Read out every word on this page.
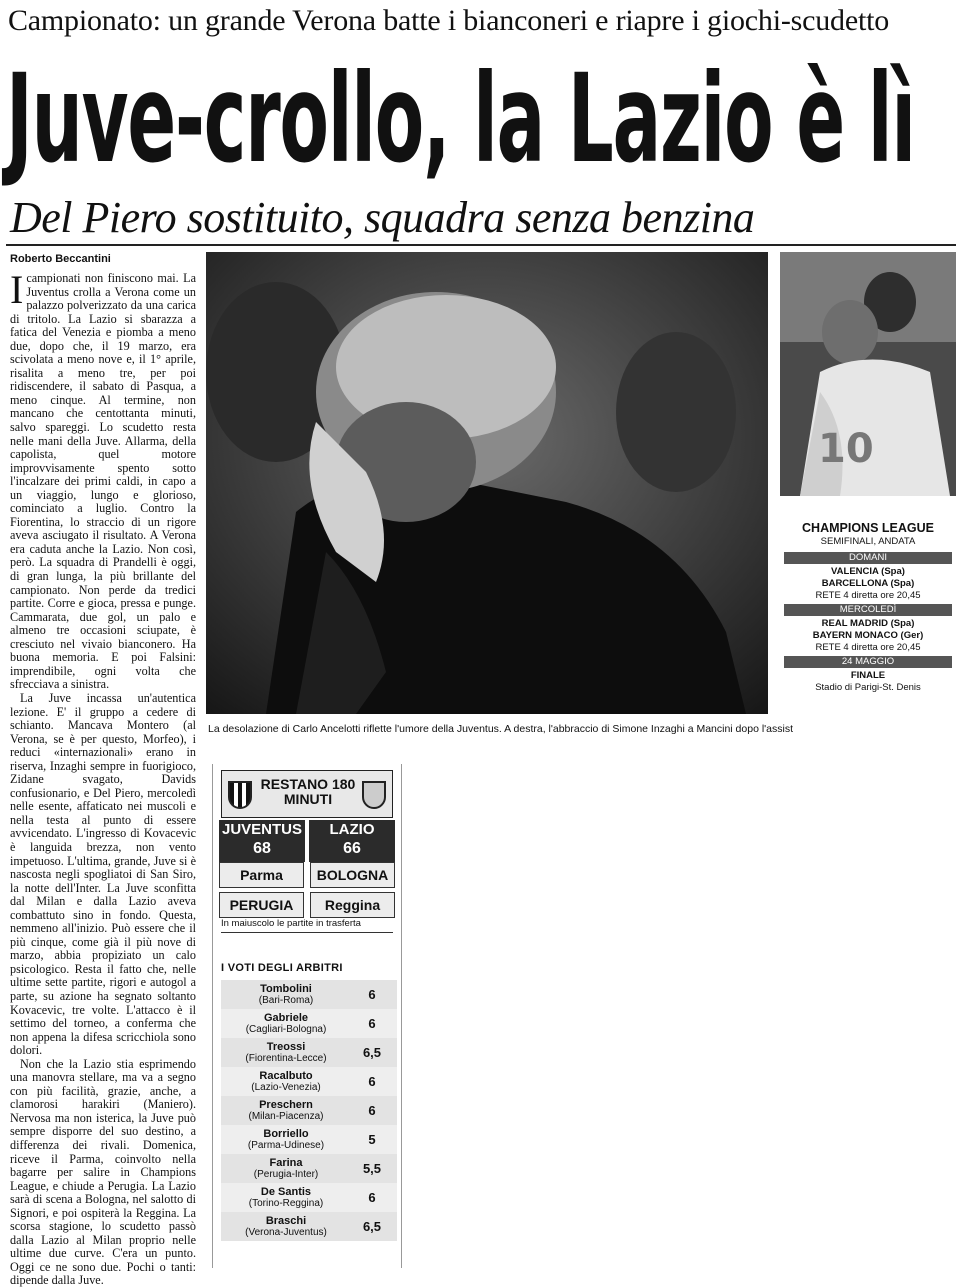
Campionato: un grande Verona batte i bianconeri e riapre i giochi-scudetto
Juve-crollo, la Lazio è lì
Del Piero sostituito, squadra senza benzina
Roberto Beccantini

Icampionati non finiscono mai. La Juventus crolla a Verona come un palazzo polverizzato da una carica di tritolo. La Lazio si sbarazza a fatica del Venezia e piomba a meno due, dopo che, il 19 marzo, era scivolata a meno nove e, il 1° aprile, risalita a meno tre, per poi ridiscendere, il sabato di Pasqua, a meno cinque. Al termine, non mancano che centottanta minuti, salvo spareggi. Lo scudetto resta nelle mani della Juve. Allarma, della capolista, quel motore improvvisamente spento sotto l'incalzare dei primi caldi, in capo a un viaggio, lungo e glorioso, cominciato a luglio. Contro la Fiorentina, lo straccio di un rigore aveva asciugato il risultato. A Verona era caduta anche la Lazio. Non così, però. La squadra di Prandelli è oggi, di gran lunga, la più brillante del campionato. Non perde da tredici partite. Corre e gioca, pressa e punge. Cammarata, due gol, un palo e almeno tre occasioni sciupate, è cresciuto nel vivaio bianconero. Ha buona memoria. E poi Falsini: imprendibile, ogni volta che sfrecciava a sinistra.

La Juve incassa un'autentica lezione. E' il gruppo a cedere di schianto. Mancava Montero (al Verona, se è per questo, Morfeo), i reduci «internazionali» erano in riserva, Inzaghi sempre in fuorigioco, Zidane svagato, Davids confusionario, e Del Piero, mercoledì nelle esente, affaticato nei muscoli e nella testa al punto di essere avvicendato. L'ingresso di Kovacevic è languida brezza, non vento impetuoso. L'ultima, grande, Juve si è nascosta negli spogliatoi di San Siro, la notte dell'Inter. La Juve sconfitta dal Milan e dalla Lazio aveva combattuto sino in fondo. Questa, nemmeno all'inizio. Può essere che il più cinque, come già il più nove di marzo, abbia propiziato un calo psicologico. Resta il fatto che, nelle ultime sette partite, rigori e autogol a parte, su azione ha segnato soltanto Kovacevic, tre volte. L'attacco è il settimo del torneo, a conferma che non appena la difesa scricchiola sono dolori.

Non che la Lazio stia esprimendo una manovra stellare, ma va a segno con più facilità, grazie, anche, a clamorosi harakiri (Maniero). Nervosa ma non isterica, la Juve può sempre disporre del suo destino, a differenza dei rivali. Domenica, riceve il Parma, coinvolto nella bagarre per salire in Champions League, e chiude a Perugia. La Lazio sarà di scena a Bologna, nel salotto di Signori, e poi ospiterà la Reggina. La scorsa stagione, lo scudetto passò dalla Lazio al Milan proprio nelle ultime due curve. C'era un punto. Oggi ce ne sono due. Pochi o tanti: dipende dalla Juve.

10
La desolazione di Carlo Ancelotti riflette l'umore della Juventus. A destra, l'abbraccio di Simone Inzaghi a Mancini dopo l'assist
CHAMPIONS LEAGUE
SEMIFINALI, ANDATA
DOMANI
VALENCIA (Spa)
BARCELLONA (Spa)
RETE 4 diretta ore 20,45
MERCOLEDÌ
REAL MADRID (Spa)
BAYERN MONACO (Ger)
RETE 4 diretta ore 20,45
24 MAGGIO
FINALE
Stadio di Parigi-St. Denis
RESTANO 180 MINUTI
JUVENTUS
68
LAZIO
66
Parma	BOLOGNA
PERUGIA	Reggina
In maiuscolo le partite in trasferta
I VOTI DEGLI ARBITRI
Tombolini
(Bari-Roma)	6
Gabriele
(Cagliari-Bologna)	6
Treossi
(Fiorentina-Lecce)	6,5
Racalbuto
(Lazio-Venezia)	6
Preschern
(Milan-Piacenza)	6
Borriello
(Parma-Udinese)	5
Farina
(Perugia-Inter)	5,5
De Santis
(Torino-Reggina)	6
Braschi
(Verona-Juventus)	6,5
